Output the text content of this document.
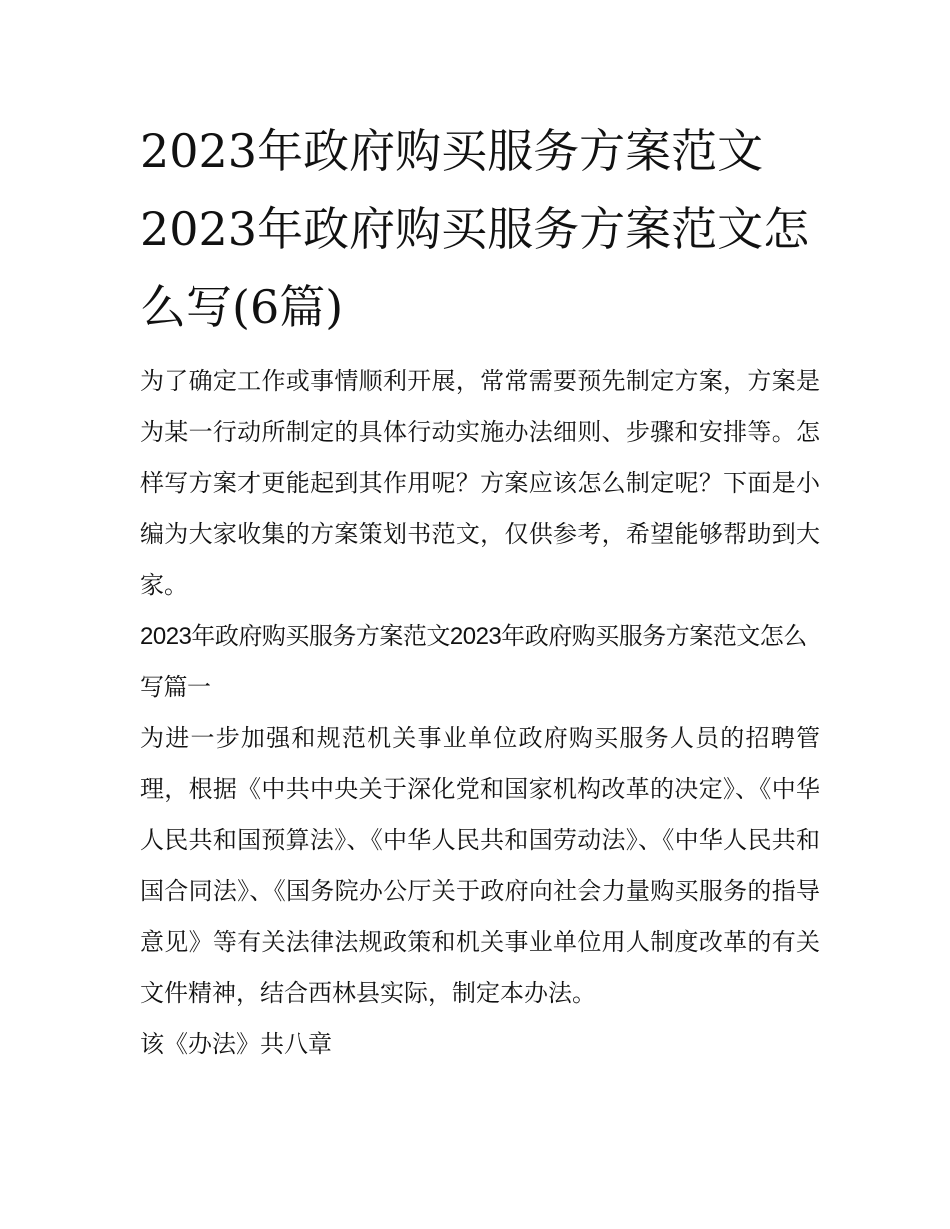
2023年政府购买服务方案范文2023年政府购买服务方案范文怎么写(6篇)

为了确定工作或事情顺利开展，常常需要预先制定方案，方案是为某一行动所制定的具体行动实施办法细则、步骤和安排等。怎样写方案才更能起到其作用呢？方案应该怎么制定呢？下面是小编为大家收集的方案策划书范文，仅供参考，希望能够帮助到大家。

2023年政府购买服务方案范文2023年政府购买服务方案范文怎么写篇一

为进一步加强和规范机关事业单位政府购买服务人员的招聘管理，根据《中共中央关于深化党和国家机构改革的决定》、《中华人民共和国预算法》、《中华人民共和国劳动法》、《中华人民共和国合同法》、《国务院办公厅关于政府向社会力量购买服务的指导意见》等有关法律法规政策和机关事业单位用人制度改革的有关文件精神，结合西林县实际，制定本办法。

该《办法》共八章
